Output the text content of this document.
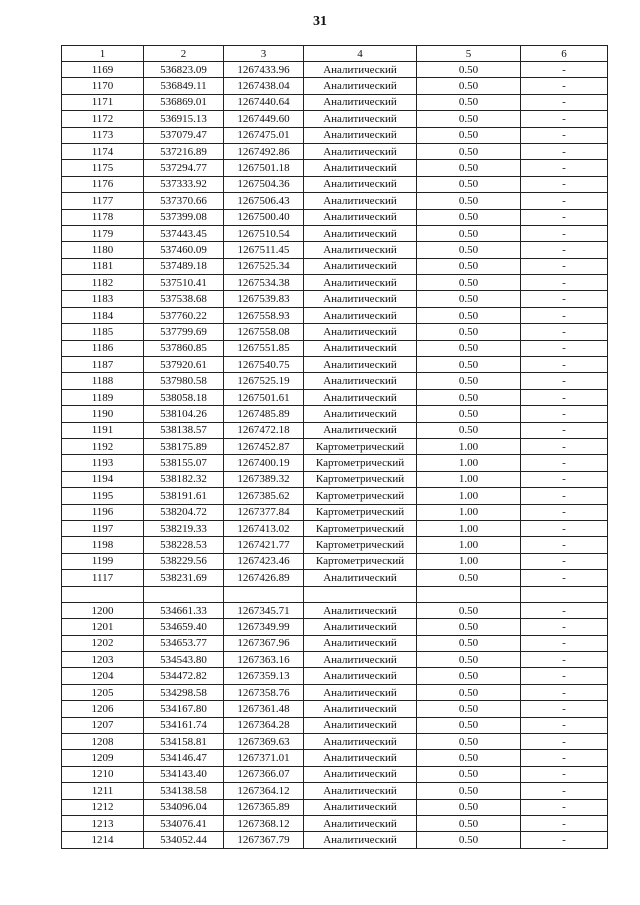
31
1	2	3	4	5	6
1169	536823.09	1267433.96	Аналитический	0.50	-
1170	536849.11	1267438.04	Аналитический	0.50	-
1171	536869.01	1267440.64	Аналитический	0.50	-
1172	536915.13	1267449.60	Аналитический	0.50	-
1173	537079.47	1267475.01	Аналитический	0.50	-
1174	537216.89	1267492.86	Аналитический	0.50	-
1175	537294.77	1267501.18	Аналитический	0.50	-
1176	537333.92	1267504.36	Аналитический	0.50	-
1177	537370.66	1267506.43	Аналитический	0.50	-
1178	537399.08	1267500.40	Аналитический	0.50	-
1179	537443.45	1267510.54	Аналитический	0.50	-
1180	537460.09	1267511.45	Аналитический	0.50	-
1181	537489.18	1267525.34	Аналитический	0.50	-
1182	537510.41	1267534.38	Аналитический	0.50	-
1183	537538.68	1267539.83	Аналитический	0.50	-
1184	537760.22	1267558.93	Аналитический	0.50	-
1185	537799.69	1267558.08	Аналитический	0.50	-
1186	537860.85	1267551.85	Аналитический	0.50	-
1187	537920.61	1267540.75	Аналитический	0.50	-
1188	537980.58	1267525.19	Аналитический	0.50	-
1189	538058.18	1267501.61	Аналитический	0.50	-
1190	538104.26	1267485.89	Аналитический	0.50	-
1191	538138.57	1267472.18	Аналитический	0.50	-
1192	538175.89	1267452.87	Картометрический	1.00	-
1193	538155.07	1267400.19	Картометрический	1.00	-
1194	538182.32	1267389.32	Картометрический	1.00	-
1195	538191.61	1267385.62	Картометрический	1.00	-
1196	538204.72	1267377.84	Картометрический	1.00	-
1197	538219.33	1267413.02	Картометрический	1.00	-
1198	538228.53	1267421.77	Картометрический	1.00	-
1199	538229.56	1267423.46	Картометрический	1.00	-
1117	538231.69	1267426.89	Аналитический	0.50	-

1200	534661.33	1267345.71	Аналитический	0.50	-
1201	534659.40	1267349.99	Аналитический	0.50	-
1202	534653.77	1267367.96	Аналитический	0.50	-
1203	534543.80	1267363.16	Аналитический	0.50	-
1204	534472.82	1267359.13	Аналитический	0.50	-
1205	534298.58	1267358.76	Аналитический	0.50	-
1206	534167.80	1267361.48	Аналитический	0.50	-
1207	534161.74	1267364.28	Аналитический	0.50	-
1208	534158.81	1267369.63	Аналитический	0.50	-
1209	534146.47	1267371.01	Аналитический	0.50	-
1210	534143.40	1267366.07	Аналитический	0.50	-
1211	534138.58	1267364.12	Аналитический	0.50	-
1212	534096.04	1267365.89	Аналитический	0.50	-
1213	534076.41	1267368.12	Аналитический	0.50	-
1214	534052.44	1267367.79	Аналитический	0.50	-
